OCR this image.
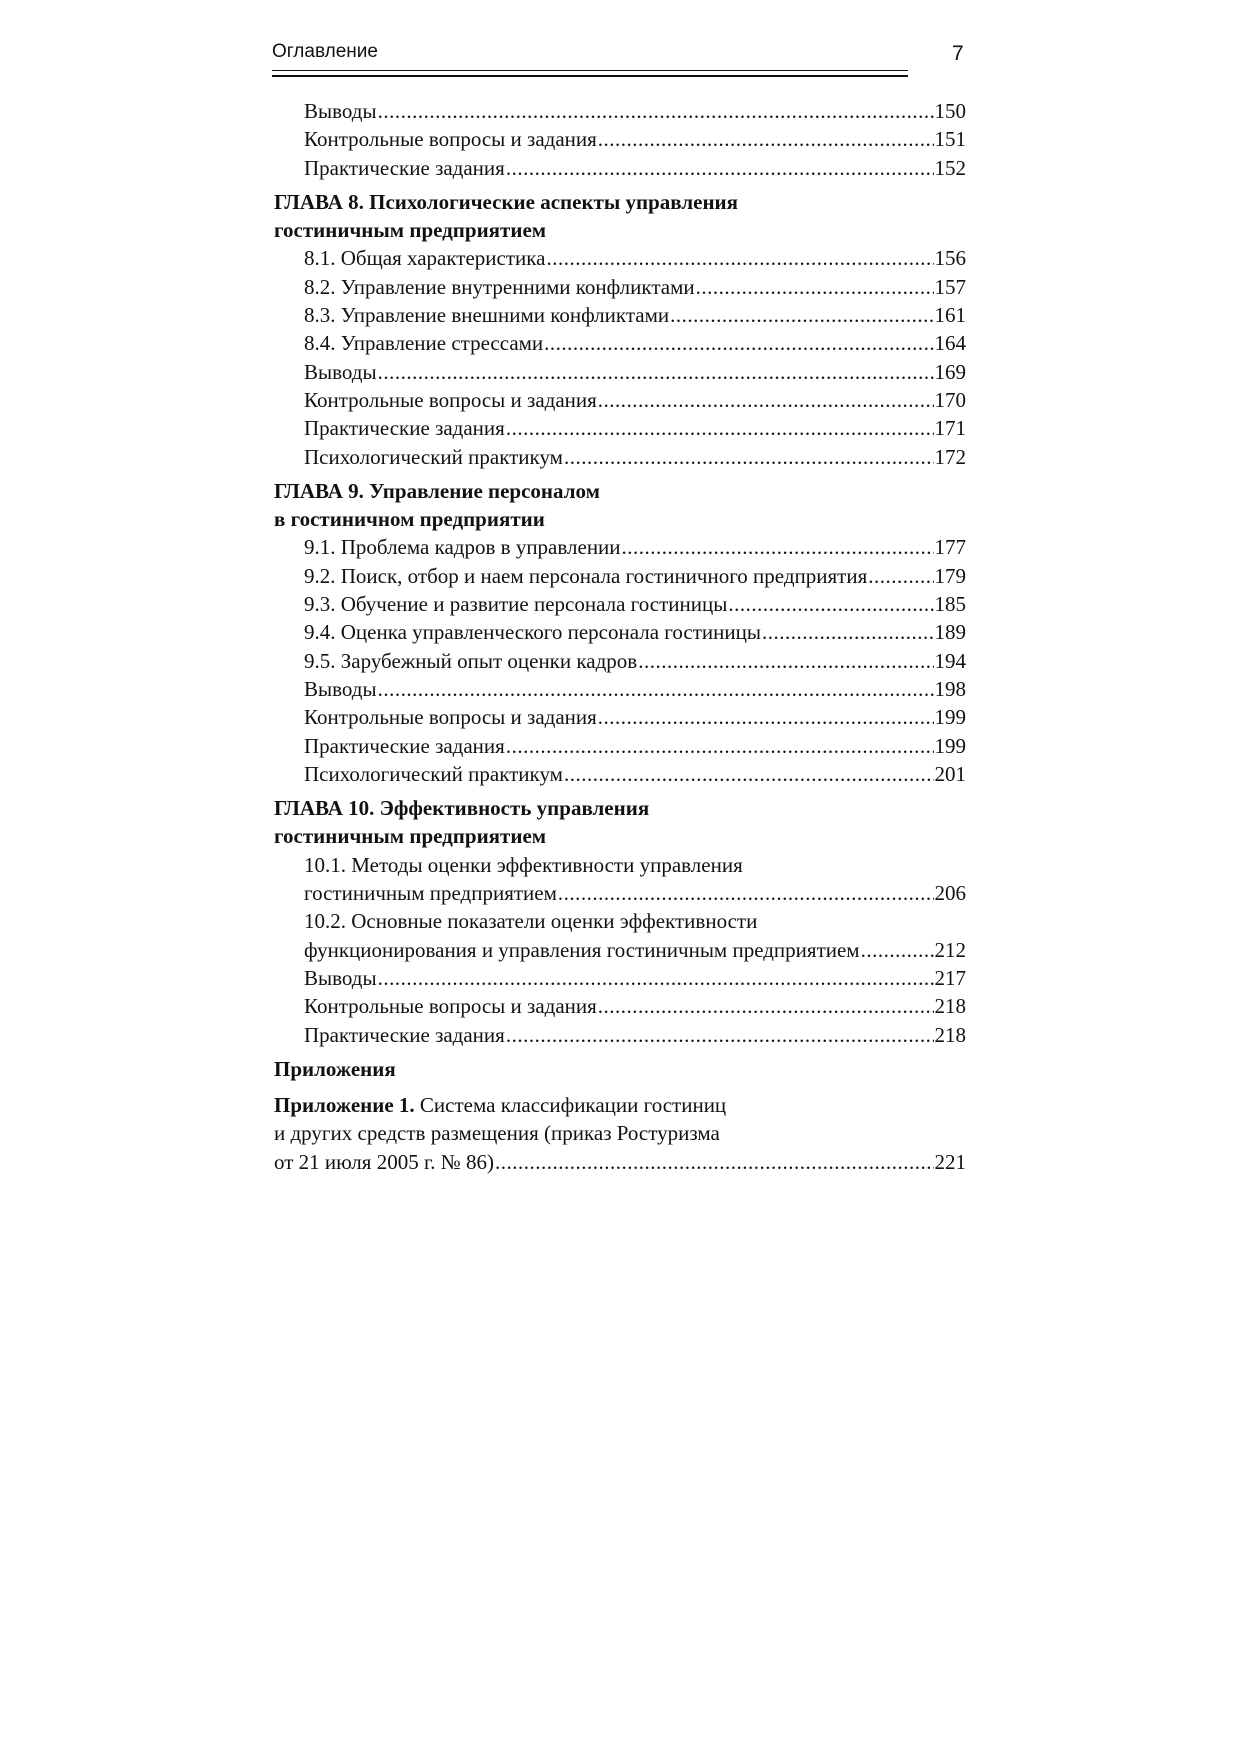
Оглавление	7
Выводы .....	150
Контрольные вопросы и задания .....	151
Практические задания .....	152
ГЛАВА 8. Психологические аспекты управления
гостиничным предприятием
8.1. Общая характеристика .....	156
8.2. Управление внутренними конфликтами .....	157
8.3. Управление внешними конфликтами .....	161
8.4. Управление стрессами .....	164
Выводы .....	169
Контрольные вопросы и задания .....	170
Практические задания .....	171
Психологический практикум .....	172
ГЛАВА 9. Управление персоналом
в гостиничном предприятии
9.1. Проблема кадров в управлении .....	177
9.2. Поиск, отбор и наем персонала гостиничного предприятия .....	179
9.3. Обучение и развитие персонала гостиницы .....	185
9.4. Оценка управленческого персонала гостиницы .....	189
9.5. Зарубежный опыт оценки кадров .....	194
Выводы .....	198
Контрольные вопросы и задания .....	199
Практические задания .....	199
Психологический практикум .....	201
ГЛАВА 10. Эффективность управления
гостиничным предприятием
10.1. Методы оценки эффективности управления
гостиничным предприятием .....	206
10.2. Основные показатели оценки эффективности
функционирования и управления гостиничным предприятием .....	212
Выводы .....	217
Контрольные вопросы и задания .....	218
Практические задания .....	218
Приложения
Приложение 1. Система классификации гостиниц
и других средств размещения (приказ Ростуризма
от 21 июля 2005 г. № 86) .....	221
